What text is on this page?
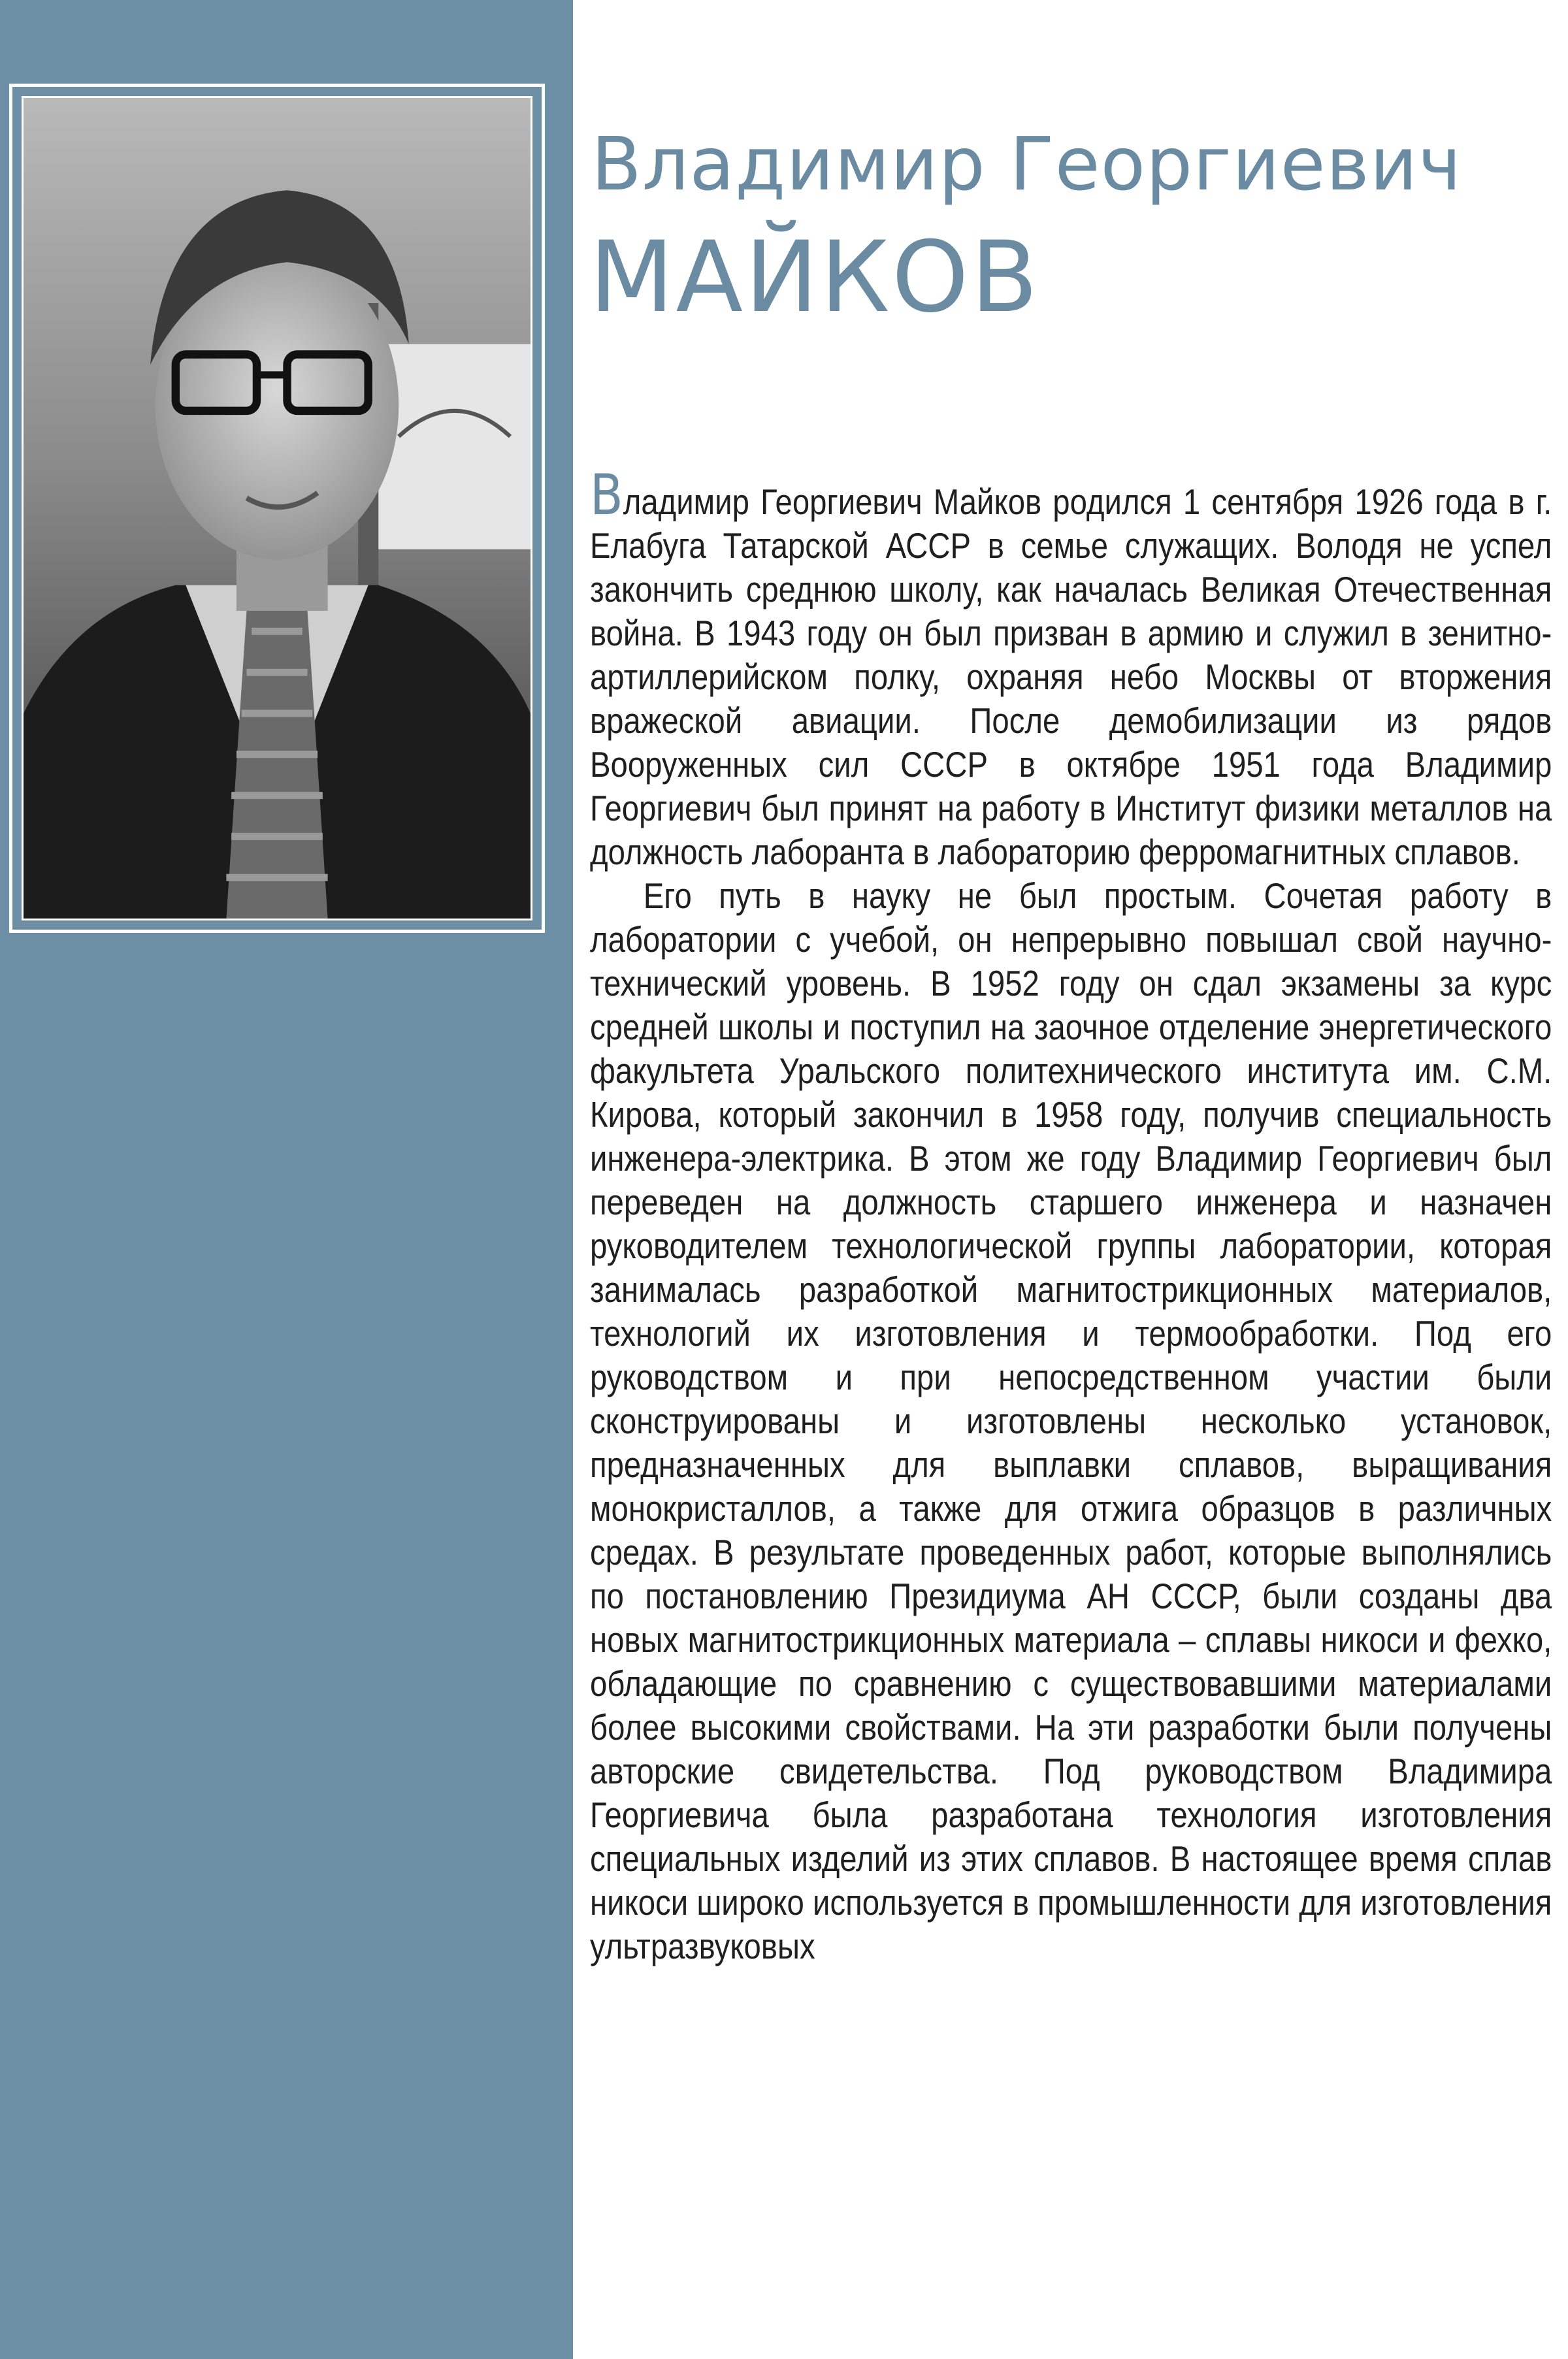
Владимир Георгиевич
МАЙКОВ

Владимир Георгиевич Майков родился 1 сентября 1926 года в г. Елабуга Татарской АССР в семье служащих. Володя не успел закончить среднюю школу, как началась Великая Отечественная война. В 1943 году он был призван в армию и служил в зенитно-артиллерийском полку, охраняя небо Москвы от вторжения вражеской авиации. После демобилизации из рядов Вооруженных сил СССР в октябре 1951 года Владимир Георгиевич был принят на работу в Институт физики металлов на должность лаборанта в лабораторию ферромагнитных сплавов.

Его путь в науку не был простым. Сочетая работу в лаборатории с учебой, он непрерывно повышал свой научно-технический уровень. В 1952 году он сдал экзамены за курс средней школы и поступил на заочное отделение энергетического факультета Уральского политехнического института им. С.М. Кирова, который закончил в 1958 году, получив специальность инженера-электрика. В этом же году Владимир Георгиевич был переведен на должность старшего инженера и назначен руководителем технологической группы лаборатории, которая занималась разработкой магнитострикционных материалов, технологий их изготовления и термообработки. Под его руководством и при непосредственном участии были сконструированы и изготовлены несколько установок, предназначенных для выплавки сплавов, выращивания монокристаллов, а также для отжига образцов в различных средах. В результате проведенных работ, которые выполнялись по постановлению Президиума АН СССР, были созданы два новых магнитострикционных материала – сплавы никоси и фехко, обладающие по сравнению с существовавшими материалами более высокими свойствами. На эти разработки были получены авторские свидетельства. Под руководством Владимира Георгиевича была разработана технология изготовления специальных изделий из этих сплавов. В настоящее время сплав никоси широко используется в промышленности для изготовления ультразвуковых
